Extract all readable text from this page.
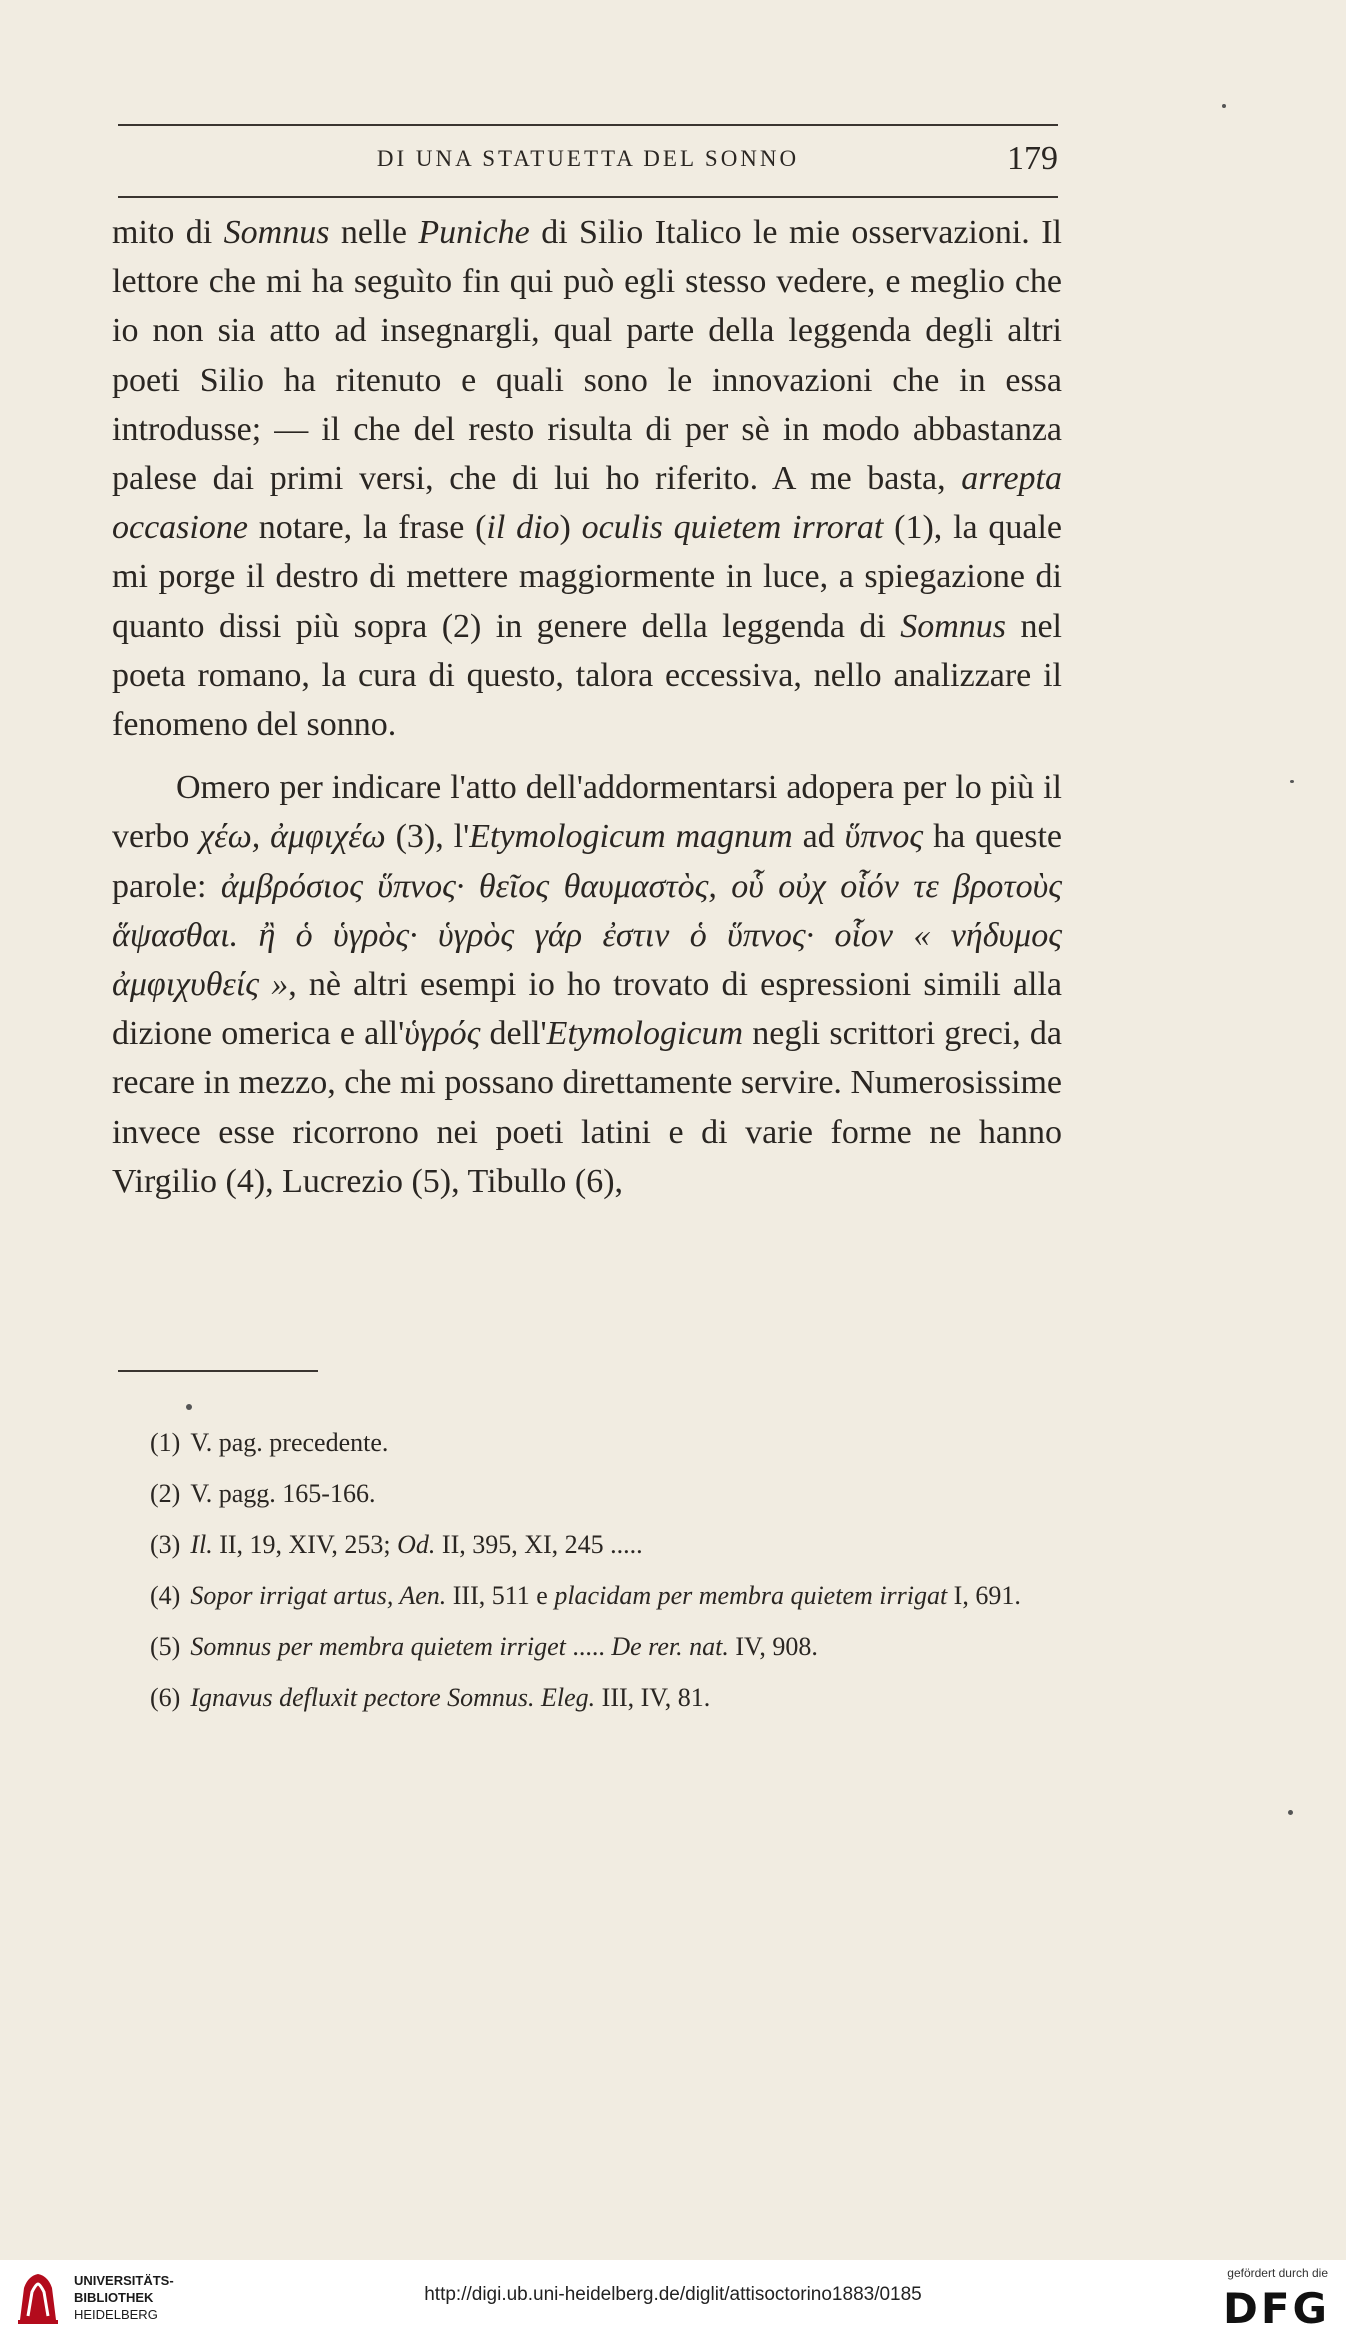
DI UNA STATUETTA DEL SONNO	179

mito di Somnus nelle Puniche di Silio Italico le mie osservazioni. Il lettore che mi ha seguìto fin qui può egli stesso vedere, e meglio che io non sia atto ad insegnargli, qual parte della leggenda degli altri poeti Silio ha ritenuto e quali sono le innovazioni che in essa introdusse; — il che del resto risulta di per sè in modo abbastanza palese dai primi versi, che di lui ho riferito. A me basta, arrepta occasione notare, la frase (il dio) oculis quietem irrorat (1), la quale mi porge il destro di mettere maggiormente in luce, a spiegazione di quanto dissi più sopra (2) in genere della leggenda di Somnus nel poeta romano, la cura di questo, talora eccessiva, nello analizzare il fenomeno del sonno.

Omero per indicare l'atto dell'addormentarsi adopera per lo più il verbo χέω, ἀμφιχέω (3), l'Etymologicum magnum ad ὕπνος ha queste parole: ἀμβρόσιος ὕπνος· θεῖος θαυμαστὸς, οὗ οὐχ οἷόν τε βροτοὺς ἅψασθαι. ἢ ὁ ὑγρὸς· ὑγρὸς γάρ ἐστιν ὁ ὕπνος· οἷον « νήδυμος ἀμφιχυθείς », nè altri esempi io ho trovato di espressioni simili alla dizione omerica e all'ὑγρός dell'Etymologicum negli scrittori greci, da recare in mezzo, che mi possano direttamente servire. Numerosissime invece esse ricorrono nei poeti latini e di varie forme ne hanno Virgilio (4), Lucrezio (5), Tibullo (6),

(1) V. pag. precedente.

(2) V. pagg. 165-166.

(3) Il. II, 19, XIV, 253; Od. II, 395, XI, 245 .....

(4) Sopor irrigat artus, Aen. III, 511 e placidam per membra quietem irrigat I, 691.

(5) Somnus per membra quietem irriget ..... De rer. nat. IV, 908.

(6) Ignavus defluxit pectore Somnus. Eleg. III, IV, 81.

UNIVERSITÄTS-
BIBLIOTHEK
HEIDELBERG
http://digi.ub.uni-heidelberg.de/diglit/attisoctorino1883/0185
gefördert durch die
DFG
